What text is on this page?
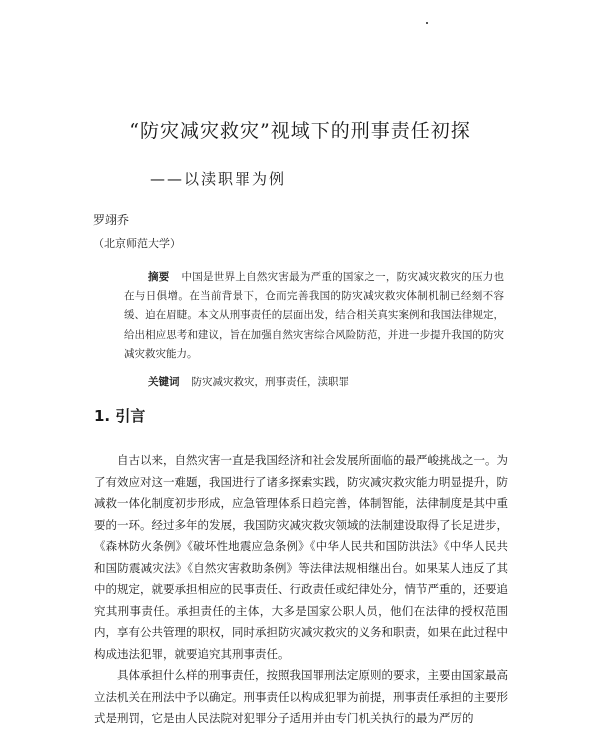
“防灾减灾救灾”视域下的刑事责任初探
——以渎职罪为例
罗翊乔
（北京师范大学）
摘要 中国是世界上自然灾害最为严重的国家之一，防灾减灾救灾的压力也在与日俱增。在当前背景下，仓而完善我国的防灾减灾救灾体制机制已经刻不容缓、迫在眉睫。本文从刑事责任的层面出发，结合相关真实案例和我国法律规定，给出相应思考和建议，旨在加强自然灾害综合风险防范，并进一步提升我国的防灾减灾救灾能力。
关键词 防灾减灾救灾，刑事责任，渎职罪
1. 引言

自古以来，自然灾害一直是我国经济和社会发展所面临的最严峻挑战之一。为了有效应对这一难题，我国进行了诸多探索实践，防灾减灾救灾能力明显提升，防减救一体化制度初步形成，应急管理体系日趋完善，体制智能，法律制度是其中重要的一环。经过多年的发展，我国防灾减灾救灾领域的法制建设取得了长足进步，《森林防火条例》《破坏性地震应急条例》《中华人民共和国防洪法》《中华人民共和国防震减灾法》《自然灾害救助条例》等法律法规相继出台。如果某人违反了其中的规定，就要承担相应的民事责任、行政责任或纪律处分，情节严重的，还要追究其刑事责任。承担责任的主体，大多是国家公职人员，他们在法律的授权范围内，享有公共管理的职权，同时承担防灾减灾救灾的义务和职责，如果在此过程中构成违法犯罪，就要追究其刑事责任。

具体承担什么样的刑事责任，按照我国罪刑法定原则的要求，主要由国家最高立法机关在刑法中予以确定。刑事责任以构成犯罪为前提，刑事责任承担的主要形式是刑罚，它是由人民法院对犯罪分子适用并由专门机关执行的最为严厉的
